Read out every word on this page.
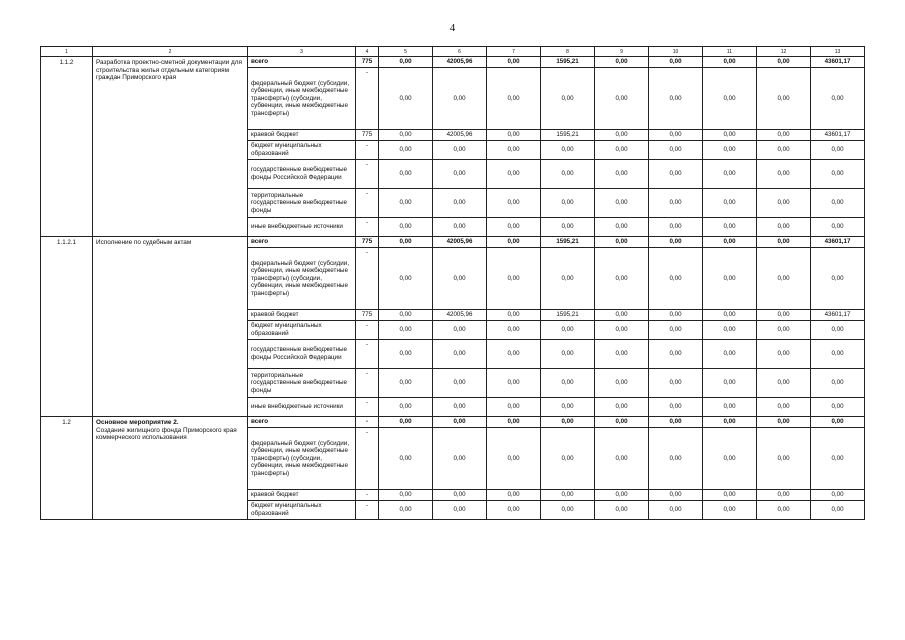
4
1	2	3	4	5	6	7	8	9	10	11	12	13
1.1.2	Разработка проектно-сметной документации для строительства жилья отдельным категориям граждан Приморского края	всего	775	0,00	42005,96	0,00	1595,21	0,00	0,00	0,00	0,00	43601,17
		федеральный бюджет (субсидии, субвенции, иные межбюджетные трансферты) (субсидии, субвенции, иные межбюджетные трансферты)	-	0,00	0,00	0,00	0,00	0,00	0,00	0,00	0,00	0,00
		краевой бюджет	775	0,00	42005,96	0,00	1595,21	0,00	0,00	0,00	0,00	43601,17
		бюджет муниципальных образований	-	0,00	0,00	0,00	0,00	0,00	0,00	0,00	0,00	0,00
		государственные внебюджетные фонды Российской Федерации	-	0,00	0,00	0,00	0,00	0,00	0,00	0,00	0,00	0,00
		территориальные государственные внебюджетные фонды	-	0,00	0,00	0,00	0,00	0,00	0,00	0,00	0,00	0,00
		иные внебюджетные источники	-	0,00	0,00	0,00	0,00	0,00	0,00	0,00	0,00	0,00
1.1.2.1	Исполнение по судебным актам	всего	775	0,00	42005,96	0,00	1595,21	0,00	0,00	0,00	0,00	43601,17
		федеральный бюджет (субсидии, субвенции, иные межбюджетные трансферты) (субсидии, субвенции, иные межбюджетные трансферты)	-	0,00	0,00	0,00	0,00	0,00	0,00	0,00	0,00	0,00
		краевой бюджет	775	0,00	42005,96	0,00	1595,21	0,00	0,00	0,00	0,00	43601,17
		бюджет муниципальных образований	-	0,00	0,00	0,00	0,00	0,00	0,00	0,00	0,00	0,00
		государственные внебюджетные фонды Российской Федерации	-	0,00	0,00	0,00	0,00	0,00	0,00	0,00	0,00	0,00
		территориальные государственные внебюджетные фонды	-	0,00	0,00	0,00	0,00	0,00	0,00	0,00	0,00	0,00
		иные внебюджетные источники	-	0,00	0,00	0,00	0,00	0,00	0,00	0,00	0,00	0,00
1.2	Основное мероприятие 2.
Создание жилищного фонда Приморского края коммерческого использования	всего	-	0,00	0,00	0,00	0,00	0,00	0,00	0,00	0,00	0,00
		федеральный бюджет (субсидии, субвенции, иные межбюджетные трансферты) (субсидии, субвенции, иные межбюджетные трансферты)	-	0,00	0,00	0,00	0,00	0,00	0,00	0,00	0,00	0,00
		краевой бюджет	-	0,00	0,00	0,00	0,00	0,00	0,00	0,00	0,00	0,00
		бюджет муниципальных образований	-	0,00	0,00	0,00	0,00	0,00	0,00	0,00	0,00	0,00
